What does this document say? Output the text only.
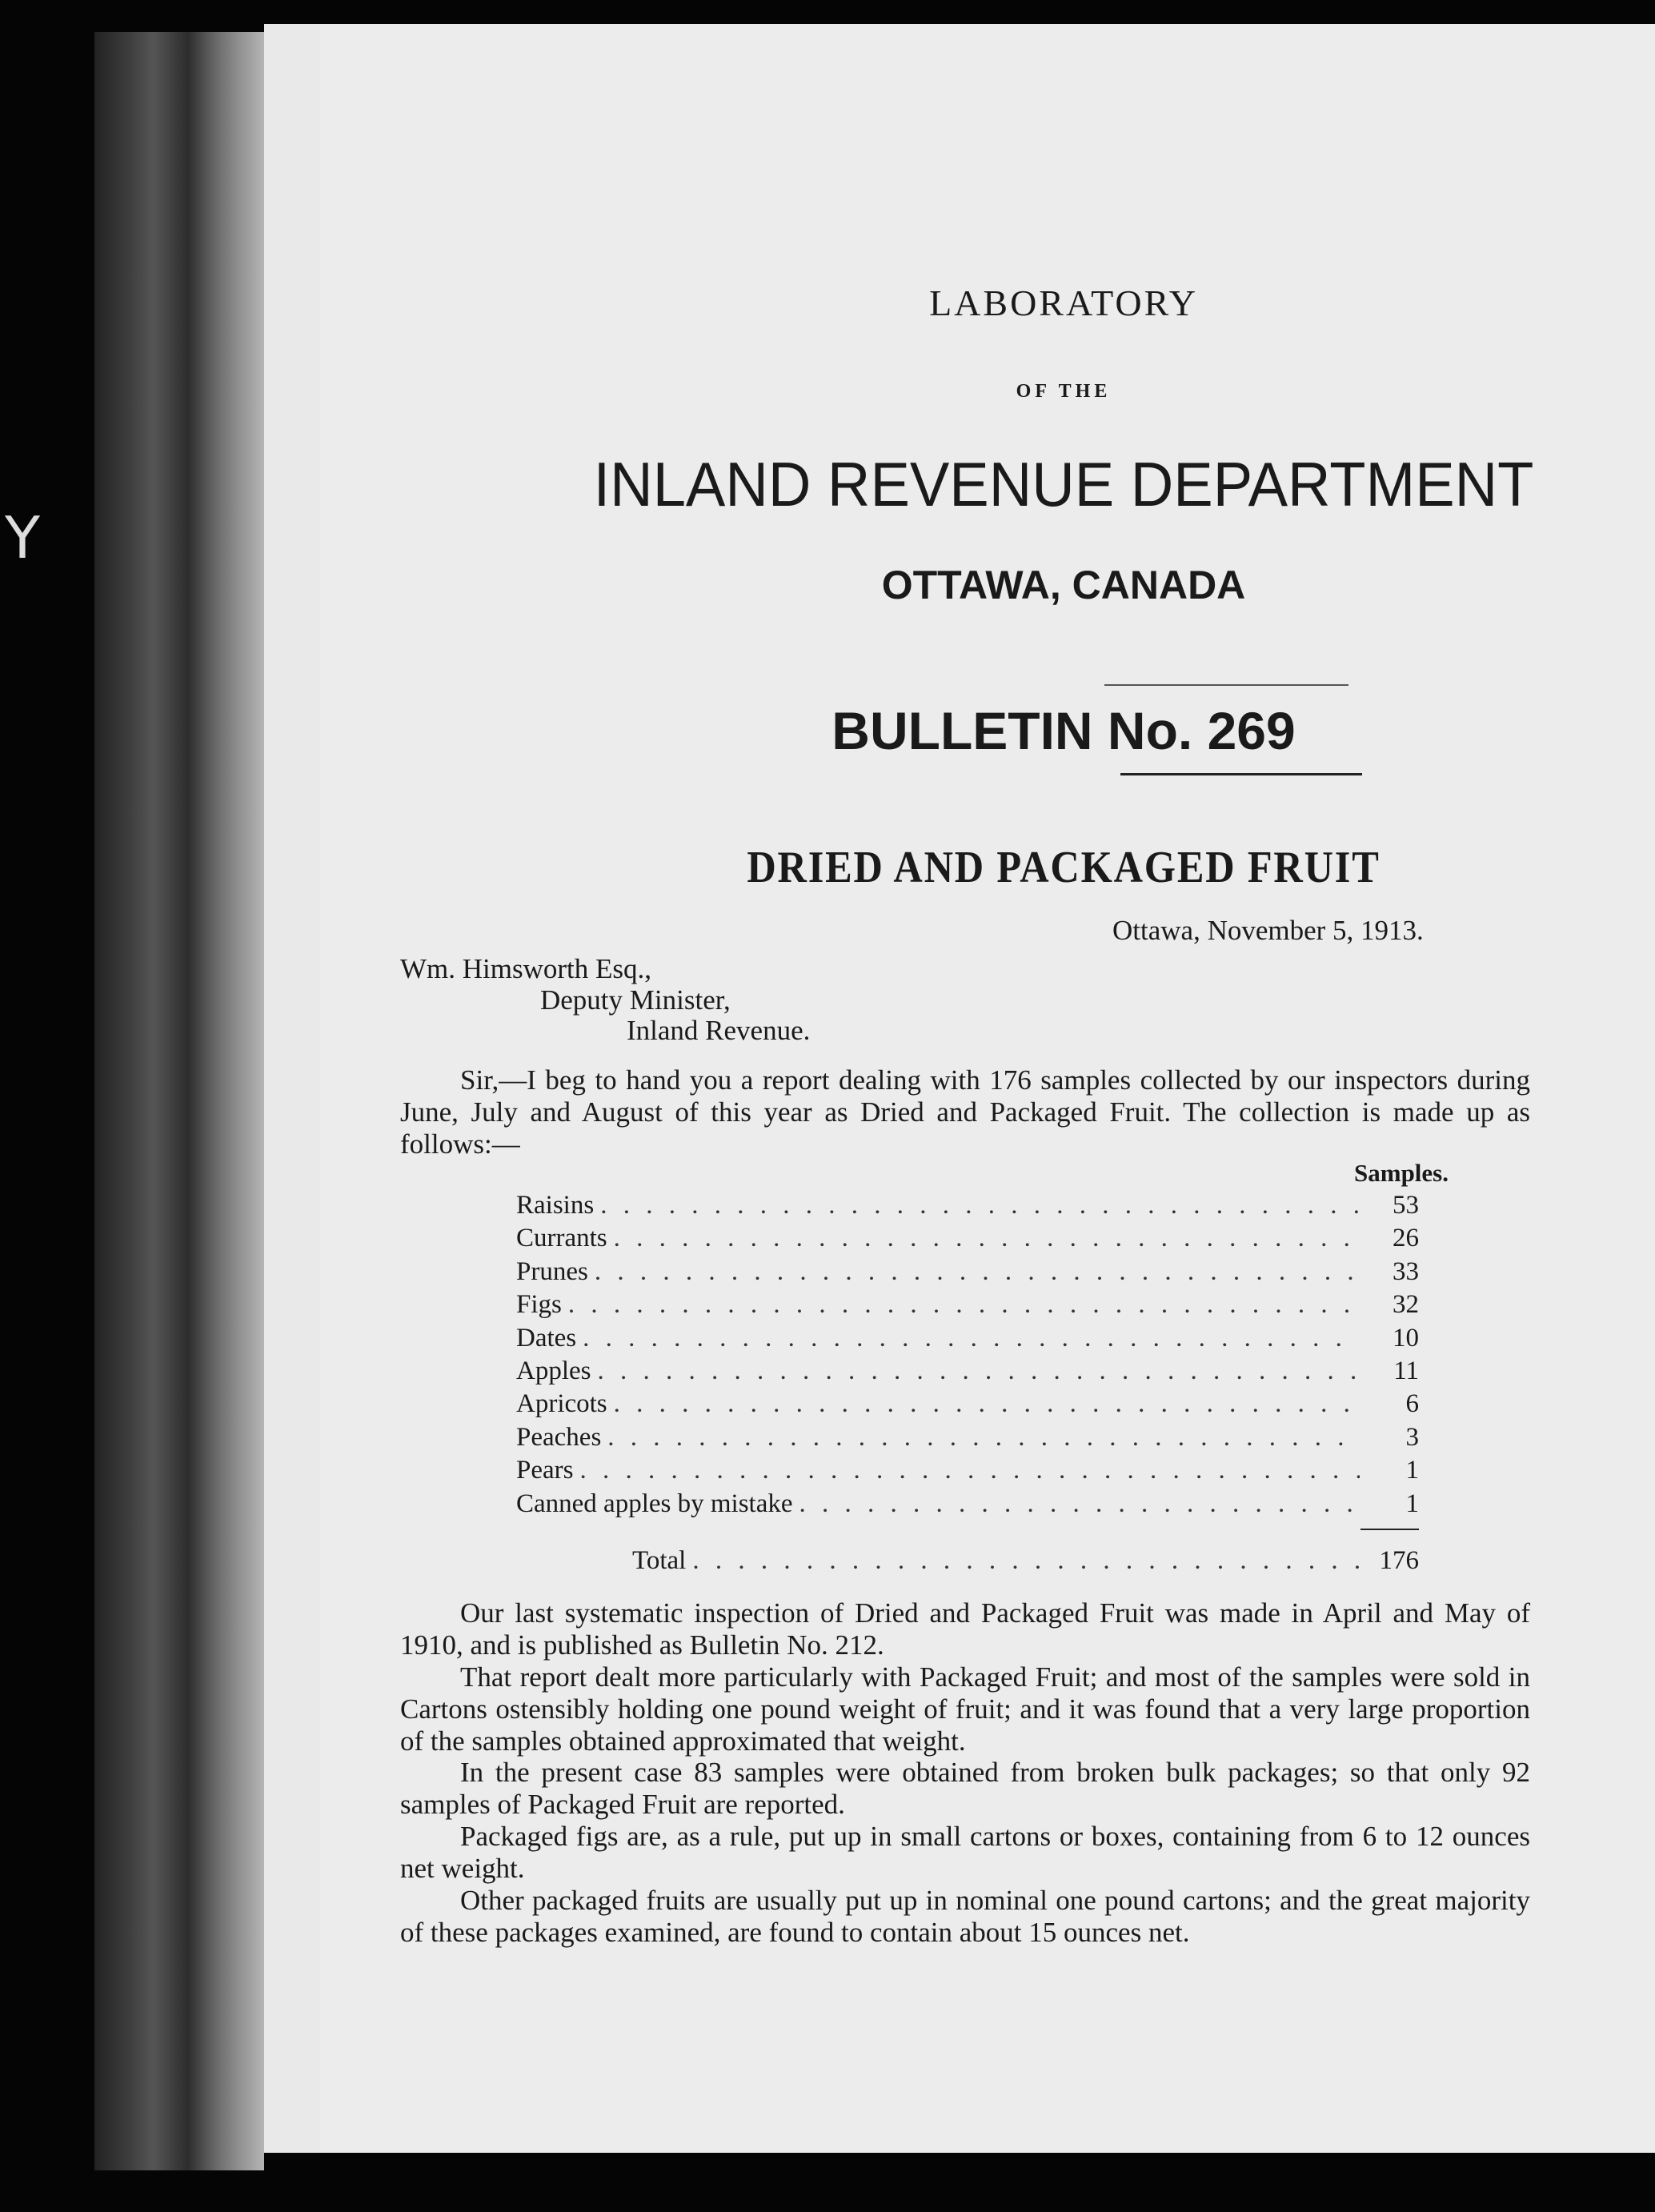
Y
LABORATORY
OF THE
INLAND REVENUE DEPARTMENT
OTTAWA, CANADA
BULLETIN No. 269
DRIED AND PACKAGED FRUIT
Ottawa, November 5, 1913.
Wm. Himsworth Esq.,
Deputy Minister,
Inland Revenue.
Sir,—I beg to hand you a report dealing with 176 samples collected by our inspectors during June, July and August of this year as Dried and Packaged Fruit. The collection is made up as follows:—
Samples.
Raisins . . .	53
Currants . . .	26
Prunes . . .	33
Figs . . .	32
Dates . . .	10
Apples . . .	11
Apricots . . .	6
Peaches . . .	3
Pears . . .	1
Canned apples by mistake . . .	1
Total . . .	176
Our last systematic inspection of Dried and Packaged Fruit was made in April and May of 1910, and is published as Bulletin No. 212.
That report dealt more particularly with Packaged Fruit; and most of the samples were sold in Cartons ostensibly holding one pound weight of fruit; and it was found that a very large proportion of the samples obtained approximated that weight.
In the present case 83 samples were obtained from broken bulk packages; so that only 92 samples of Packaged Fruit are reported.
Packaged figs are, as a rule, put up in small cartons or boxes, containing from 6 to 12 ounces net weight.
Other packaged fruits are usually put up in nominal one pound cartons; and the great majority of these packages examined, are found to contain about 15 ounces net.
